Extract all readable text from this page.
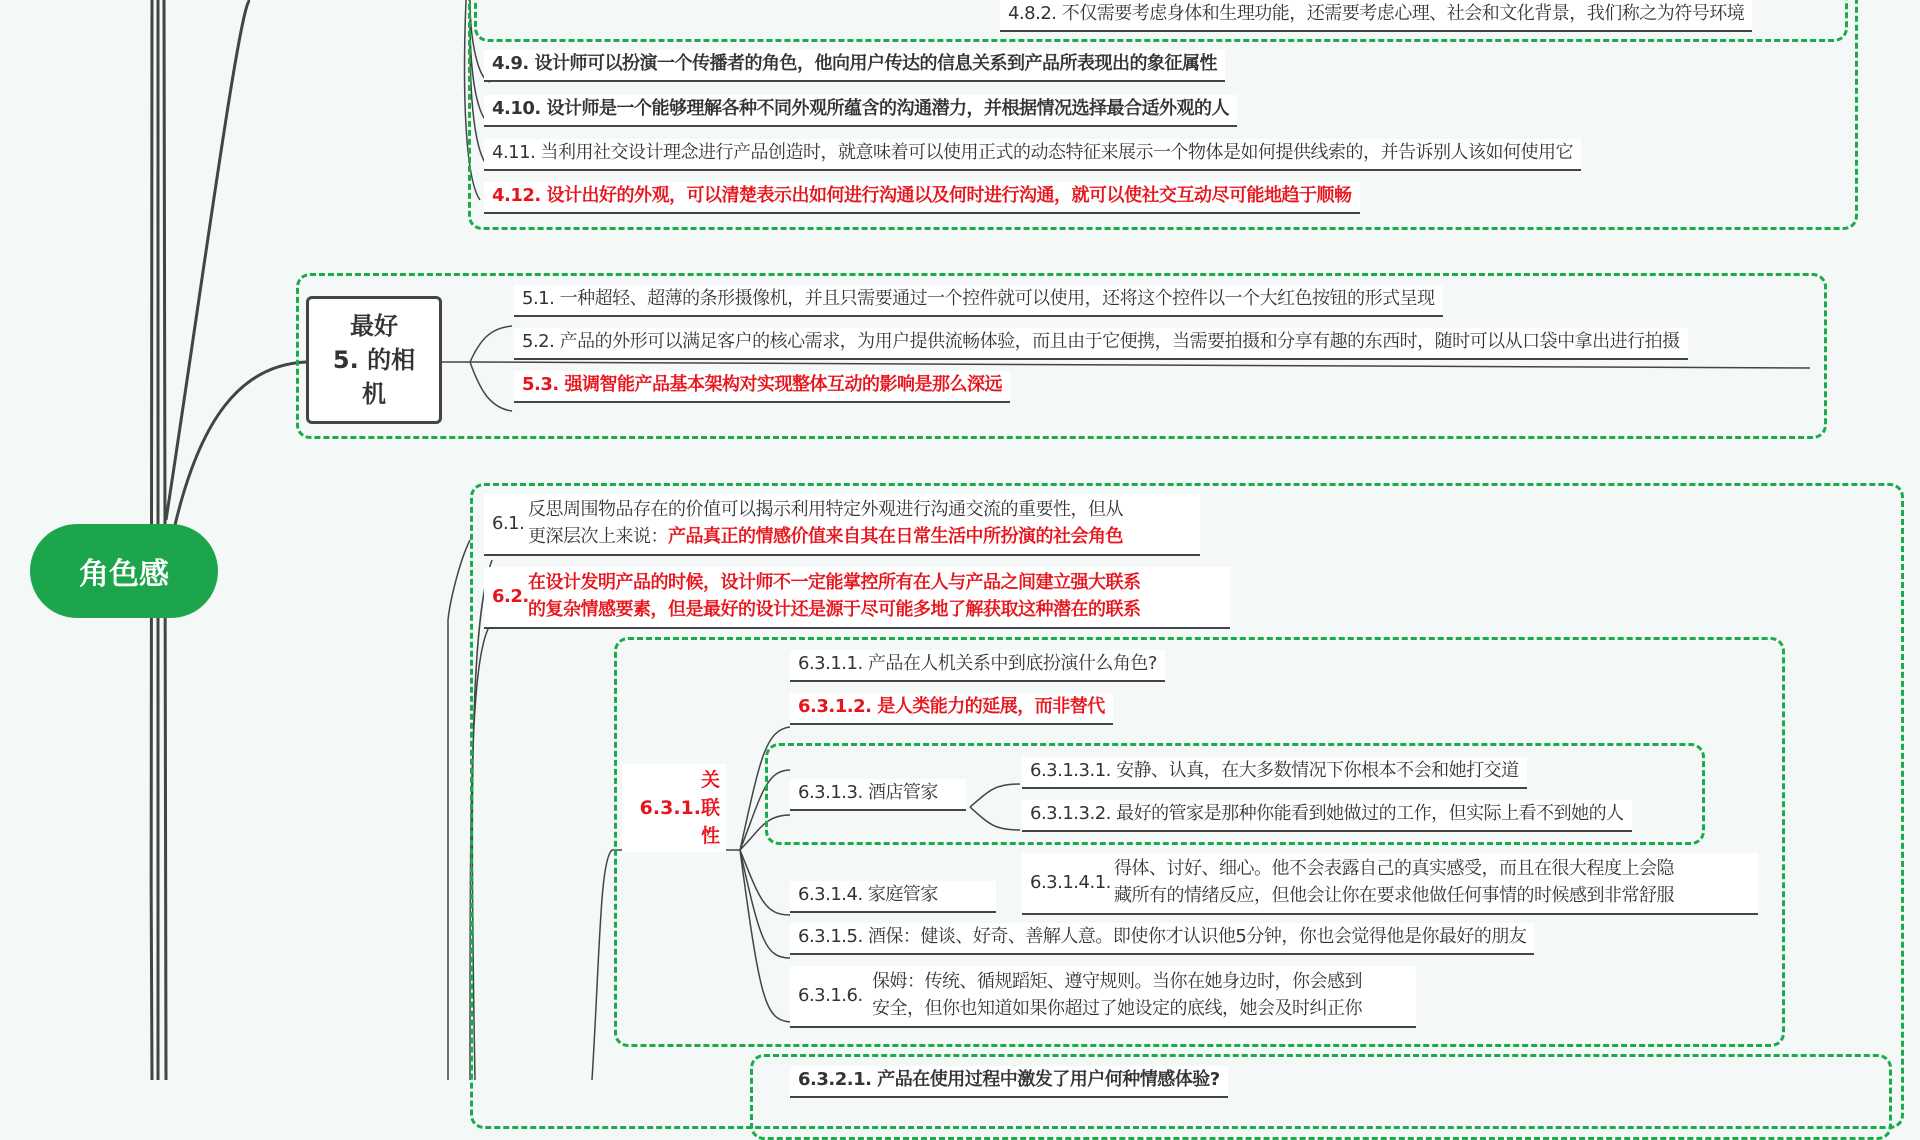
角色感
4.8.2. 不仅需要考虑身体和生理功能，还需要考虑心理、社会和文化背景，我们称之为符号环境
4.9. 设计师可以扮演一个传播者的角色，他向用户传达的信息关系到产品所表现出的象征属性
4.10. 设计师是一个能够理解各种不同外观所蕴含的沟通潜力，并根据情况选择最合适外观的人
4.11. 当利用社交设计理念进行产品创造时，就意味着可以使用正式的动态特征来展示一个物体是如何提供线索的，并告诉别人该如何使用它
4.12. 设计出好的外观，可以清楚表示出如何进行沟通以及何时进行沟通，就可以使社交互动尽可能地趋于顺畅
最好
5. 的相
机
5.1. 一种超轻、超薄的条形摄像机，并且只需要通过一个控件就可以使用，还将这个控件以一个大红色按钮的形式呈现
5.2. 产品的外形可以满足客户的核心需求，为用户提供流畅体验，而且由于它便携，当需要拍摄和分享有趣的东西时，随时可以从口袋中拿出进行拍摄
5.3. 强调智能产品基本架构对实现整体互动的影响是那么深远
6.1.
反思周围物品存在的价值可以揭示利用特定外观进行沟通交流的重要性，但从
更深层次上来说：产品真正的情感价值来自其在日常生活中所扮演的社会角色
6.2.
在设计发明产品的时候，设计师不一定能掌控所有在人与产品之间建立强大联系
的复杂情感要素，但是最好的设计还是源于尽可能多地了解获取这种潜在的联系
关
6.3.1.联
性
6.3.1.1. 产品在人机关系中到底扮演什么角色?
6.3.1.2. 是人类能力的延展，而非替代
6.3.1.3. 酒店管家
6.3.1.3.1. 安静、认真，在大多数情况下你根本不会和她打交道
6.3.1.3.2. 最好的管家是那种你能看到她做过的工作，但实际上看不到她的人
6.3.1.4. 家庭管家
6.3.1.4.1.
得体、讨好、细心。他不会表露自己的真实感受，而且在很大程度上会隐
藏所有的情绪反应，但他会让你在要求他做任何事情的时候感到非常舒服
6.3.1.5. 酒保：健谈、好奇、善解人意。即使你才认识他5分钟，你也会觉得他是你最好的朋友
6.3.1.6.
保姆：传统、循规蹈矩、遵守规则。当你在她身边时，你会感到
安全，但你也知道如果你超过了她设定的底线，她会及时纠正你
6.3.2.1. 产品在使用过程中激发了用户何种情感体验?
